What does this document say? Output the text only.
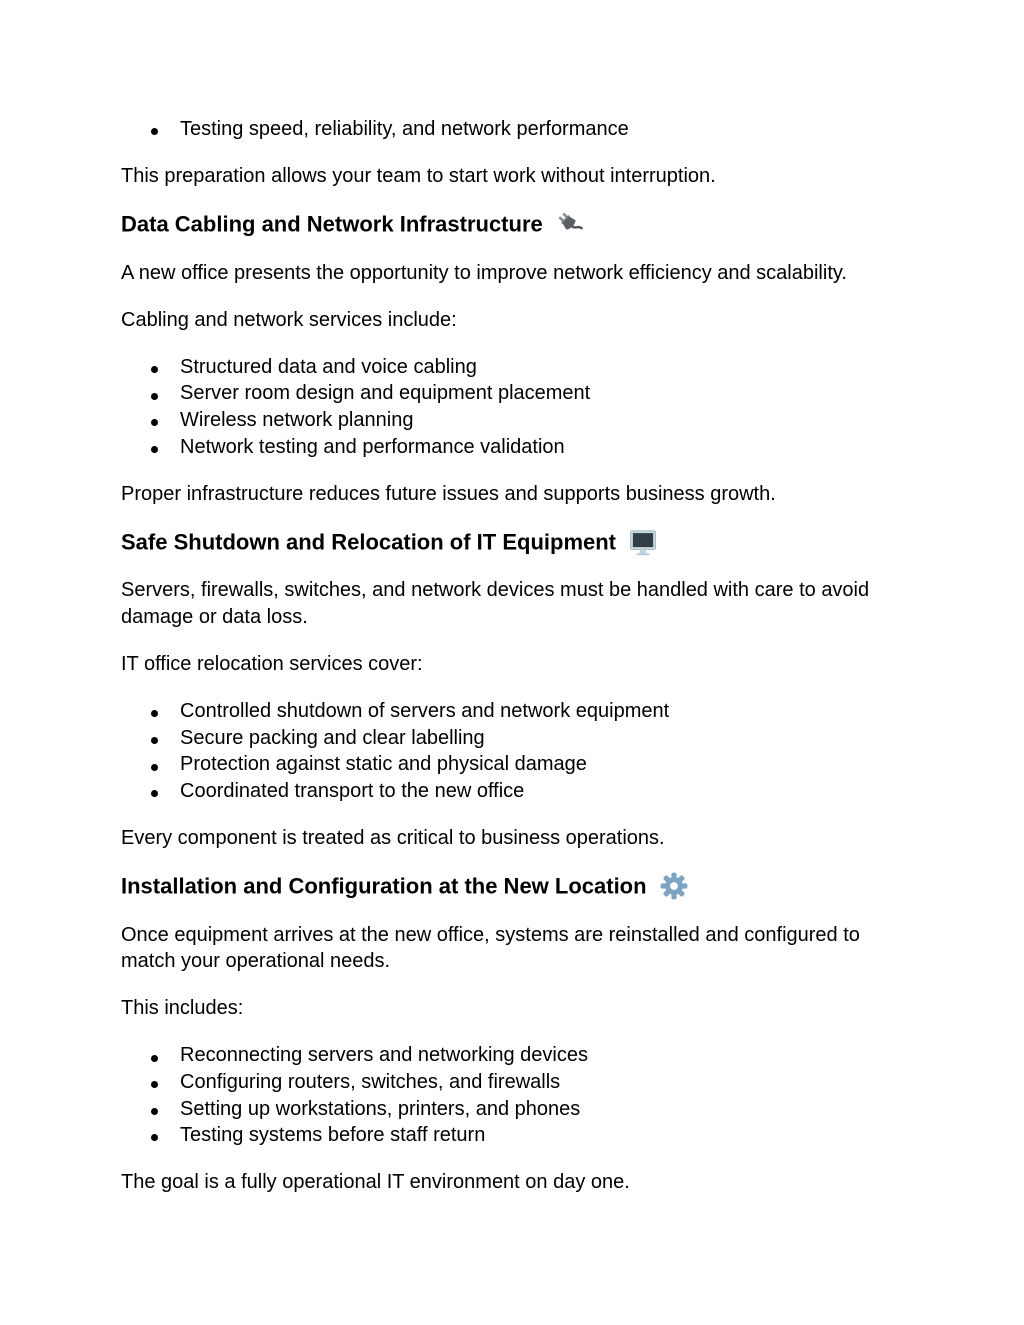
Testing speed, reliability, and network performance

This preparation allows your team to start work without interruption.

Data Cabling and Network Infrastructure

A new office presents the opportunity to improve network efficiency and scalability.

Cabling and network services include:

Structured data and voice cabling
Server room design and equipment placement
Wireless network planning
Network testing and performance validation

Proper infrastructure reduces future issues and supports business growth.

Safe Shutdown and Relocation of IT Equipment

Servers, firewalls, switches, and network devices must be handled with care to avoid damage or data loss.

IT office relocation services cover:

Controlled shutdown of servers and network equipment
Secure packing and clear labelling
Protection against static and physical damage
Coordinated transport to the new office

Every component is treated as critical to business operations.

Installation and Configuration at the New Location

Once equipment arrives at the new office, systems are reinstalled and configured to match your operational needs.

This includes:

Reconnecting servers and networking devices
Configuring routers, switches, and firewalls
Setting up workstations, printers, and phones
Testing systems before staff return

The goal is a fully operational IT environment on day one.
